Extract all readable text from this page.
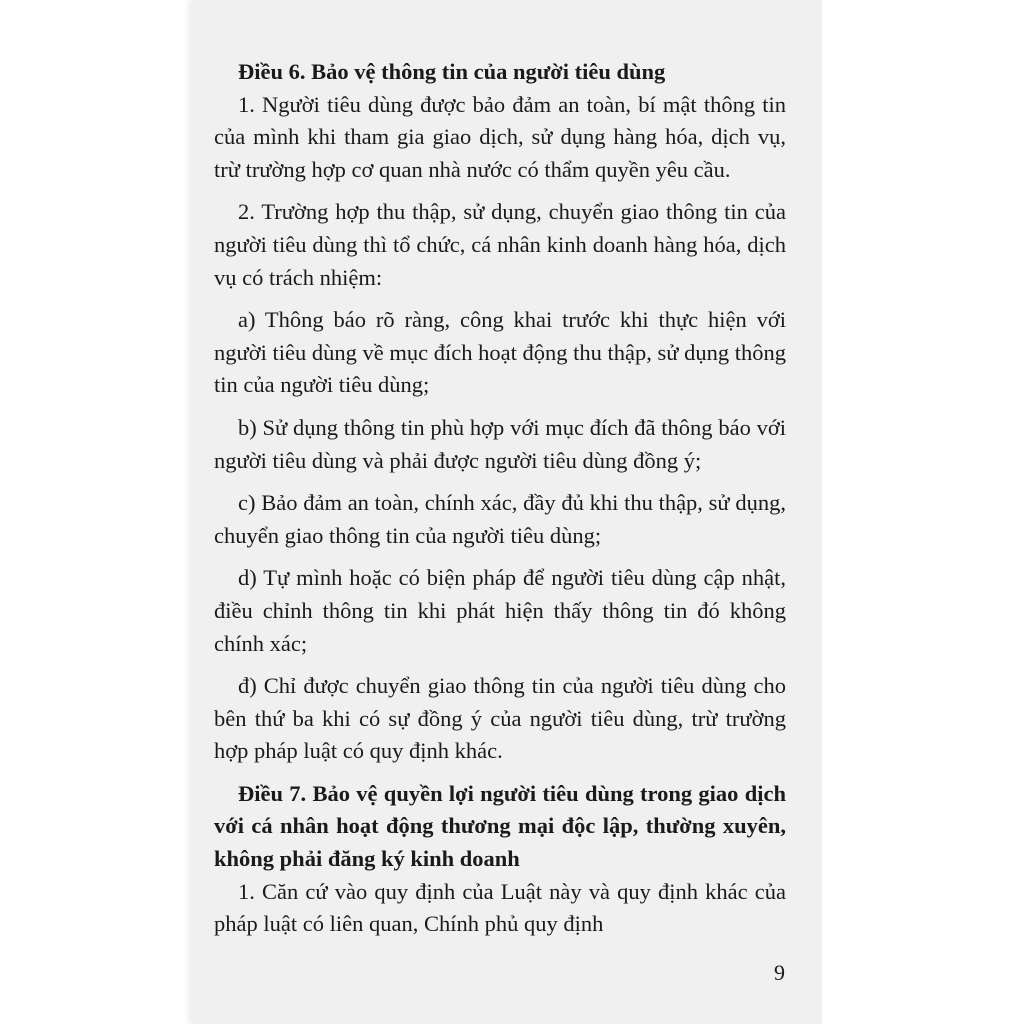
Điều 6. Bảo vệ thông tin của người tiêu dùng

1. Người tiêu dùng được bảo đảm an toàn, bí mật thông tin của mình khi tham gia giao dịch, sử dụng hàng hóa, dịch vụ, trừ trường hợp cơ quan nhà nước có thẩm quyền yêu cầu.

2. Trường hợp thu thập, sử dụng, chuyển giao thông tin của người tiêu dùng thì tổ chức, cá nhân kinh doanh hàng hóa, dịch vụ có trách nhiệm:

a) Thông báo rõ ràng, công khai trước khi thực hiện với người tiêu dùng về mục đích hoạt động thu thập, sử dụng thông tin của người tiêu dùng;

b) Sử dụng thông tin phù hợp với mục đích đã thông báo với người tiêu dùng và phải được người tiêu dùng đồng ý;

c) Bảo đảm an toàn, chính xác, đầy đủ khi thu thập, sử dụng, chuyển giao thông tin của người tiêu dùng;

d) Tự mình hoặc có biện pháp để người tiêu dùng cập nhật, điều chỉnh thông tin khi phát hiện thấy thông tin đó không chính xác;

đ) Chỉ được chuyển giao thông tin của người tiêu dùng cho bên thứ ba khi có sự đồng ý của người tiêu dùng, trừ trường hợp pháp luật có quy định khác.

Điều 7. Bảo vệ quyền lợi người tiêu dùng trong giao dịch với cá nhân hoạt động thương mại độc lập, thường xuyên, không phải đăng ký kinh doanh

1. Căn cứ vào quy định của Luật này và quy định khác của pháp luật có liên quan, Chính phủ quy định

9
